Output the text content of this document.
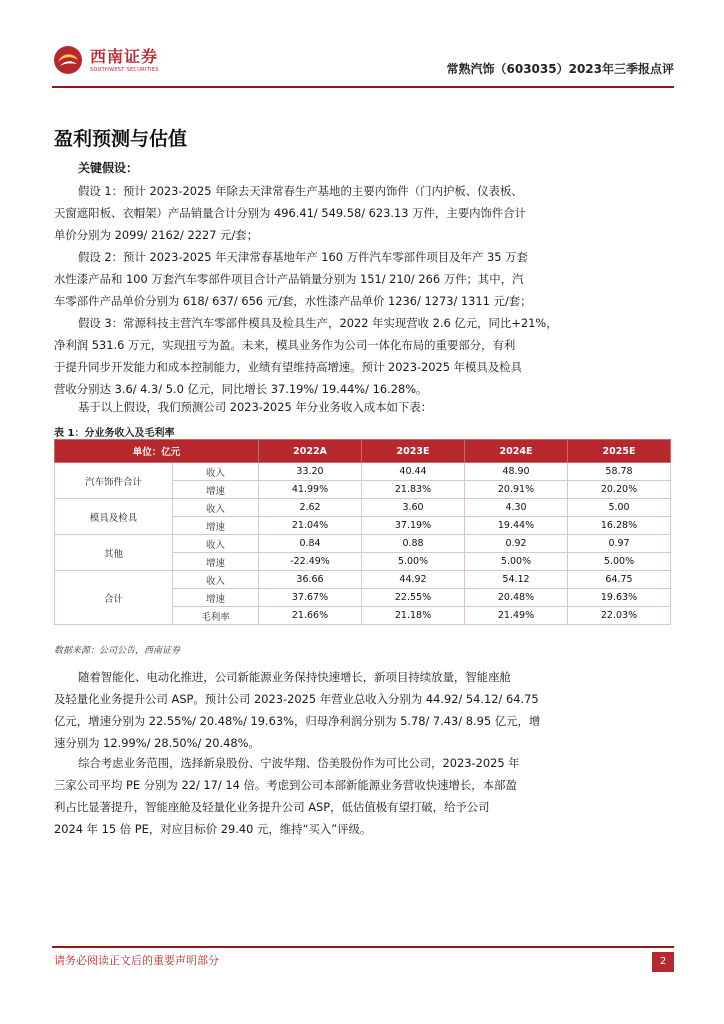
西南证券
SOUTHWEST SECURITIES	常熟汽饰（603035）2023年三季报点评
盈利预测与估值
关键假设：
假设 1：预计 2023-2025 年除去天津常春生产基地的主要内饰件（门内护板、仪表板、
天窗遮阳板、衣帽架）产品销量合计分别为 496.41/ 549.58/ 623.13 万件，主要内饰件合计
单价分别为 2099/ 2162/ 2227 元/套；
假设 2：预计 2023-2025 年天津常春基地年产 160 万件汽车零部件项目及年产 35 万套
水性漆产品和 100 万套汽车零部件项目合计产品销量分别为 151/ 210/ 266 万件；其中，汽
车零部件产品单价分别为 618/ 637/ 656 元/套，水性漆产品单价 1236/ 1273/ 1311 元/套；
假设 3：常源科技主营汽车零部件模具及检具生产，2022 年实现营收 2.6 亿元，同比+21%，
净利润 531.6 万元，实现扭亏为盈。未来，模具业务作为公司一体化布局的重要部分，有利
于提升同步开发能力和成本控制能力，业绩有望维持高增速。预计 2023-2025 年模具及检具
营收分别达 3.6/ 4.3/ 5.0 亿元，同比增长 37.19%/ 19.44%/ 16.28%。
基于以上假设，我们预测公司 2023-2025 年分业务收入成本如下表：
表 1：分业务收入及毛利率
单位：亿元		2022A	2023E	2024E	2025E
汽车饰件合计	收入	33.20	40.44	48.90	58.78
	增速	41.99%	21.83%	20.91%	20.20%
模具及检具	收入	2.62	3.60	4.30	5.00
	增速	21.04%	37.19%	19.44%	16.28%
其他	收入	0.84	0.88	0.92	0.97
	增速	-22.49%	5.00%	5.00%	5.00%
合计	收入	36.66	44.92	54.12	64.75
	增速	37.67%	22.55%	20.48%	19.63%
	毛利率	21.66%	21.18%	21.49%	22.03%
数据来源：公司公告，西南证券
随着智能化、电动化推进，公司新能源业务保持快速增长，新项目持续放量，智能座舱
及轻量化业务提升公司 ASP。预计公司 2023-2025 年营业总收入分别为 44.92/ 54.12/ 64.75
亿元，增速分别为 22.55%/ 20.48%/ 19.63%，归母净利润分别为 5.78/ 7.43/ 8.95 亿元，增
速分别为 12.99%/ 28.50%/ 20.48%。
综合考虑业务范围，选择新泉股份、宁波华翔、岱美股份作为可比公司，2023-2025 年
三家公司平均 PE 分别为 22/ 17/ 14 倍。考虑到公司本部新能源业务营收快速增长，本部盈
利占比显著提升，智能座舱及轻量化业务提升公司 ASP，低估值极有望打破，给予公司
2024 年 15 倍 PE，对应目标价 29.40 元，维持“买入”评级。
请务必阅读正文后的重要声明部分	2
